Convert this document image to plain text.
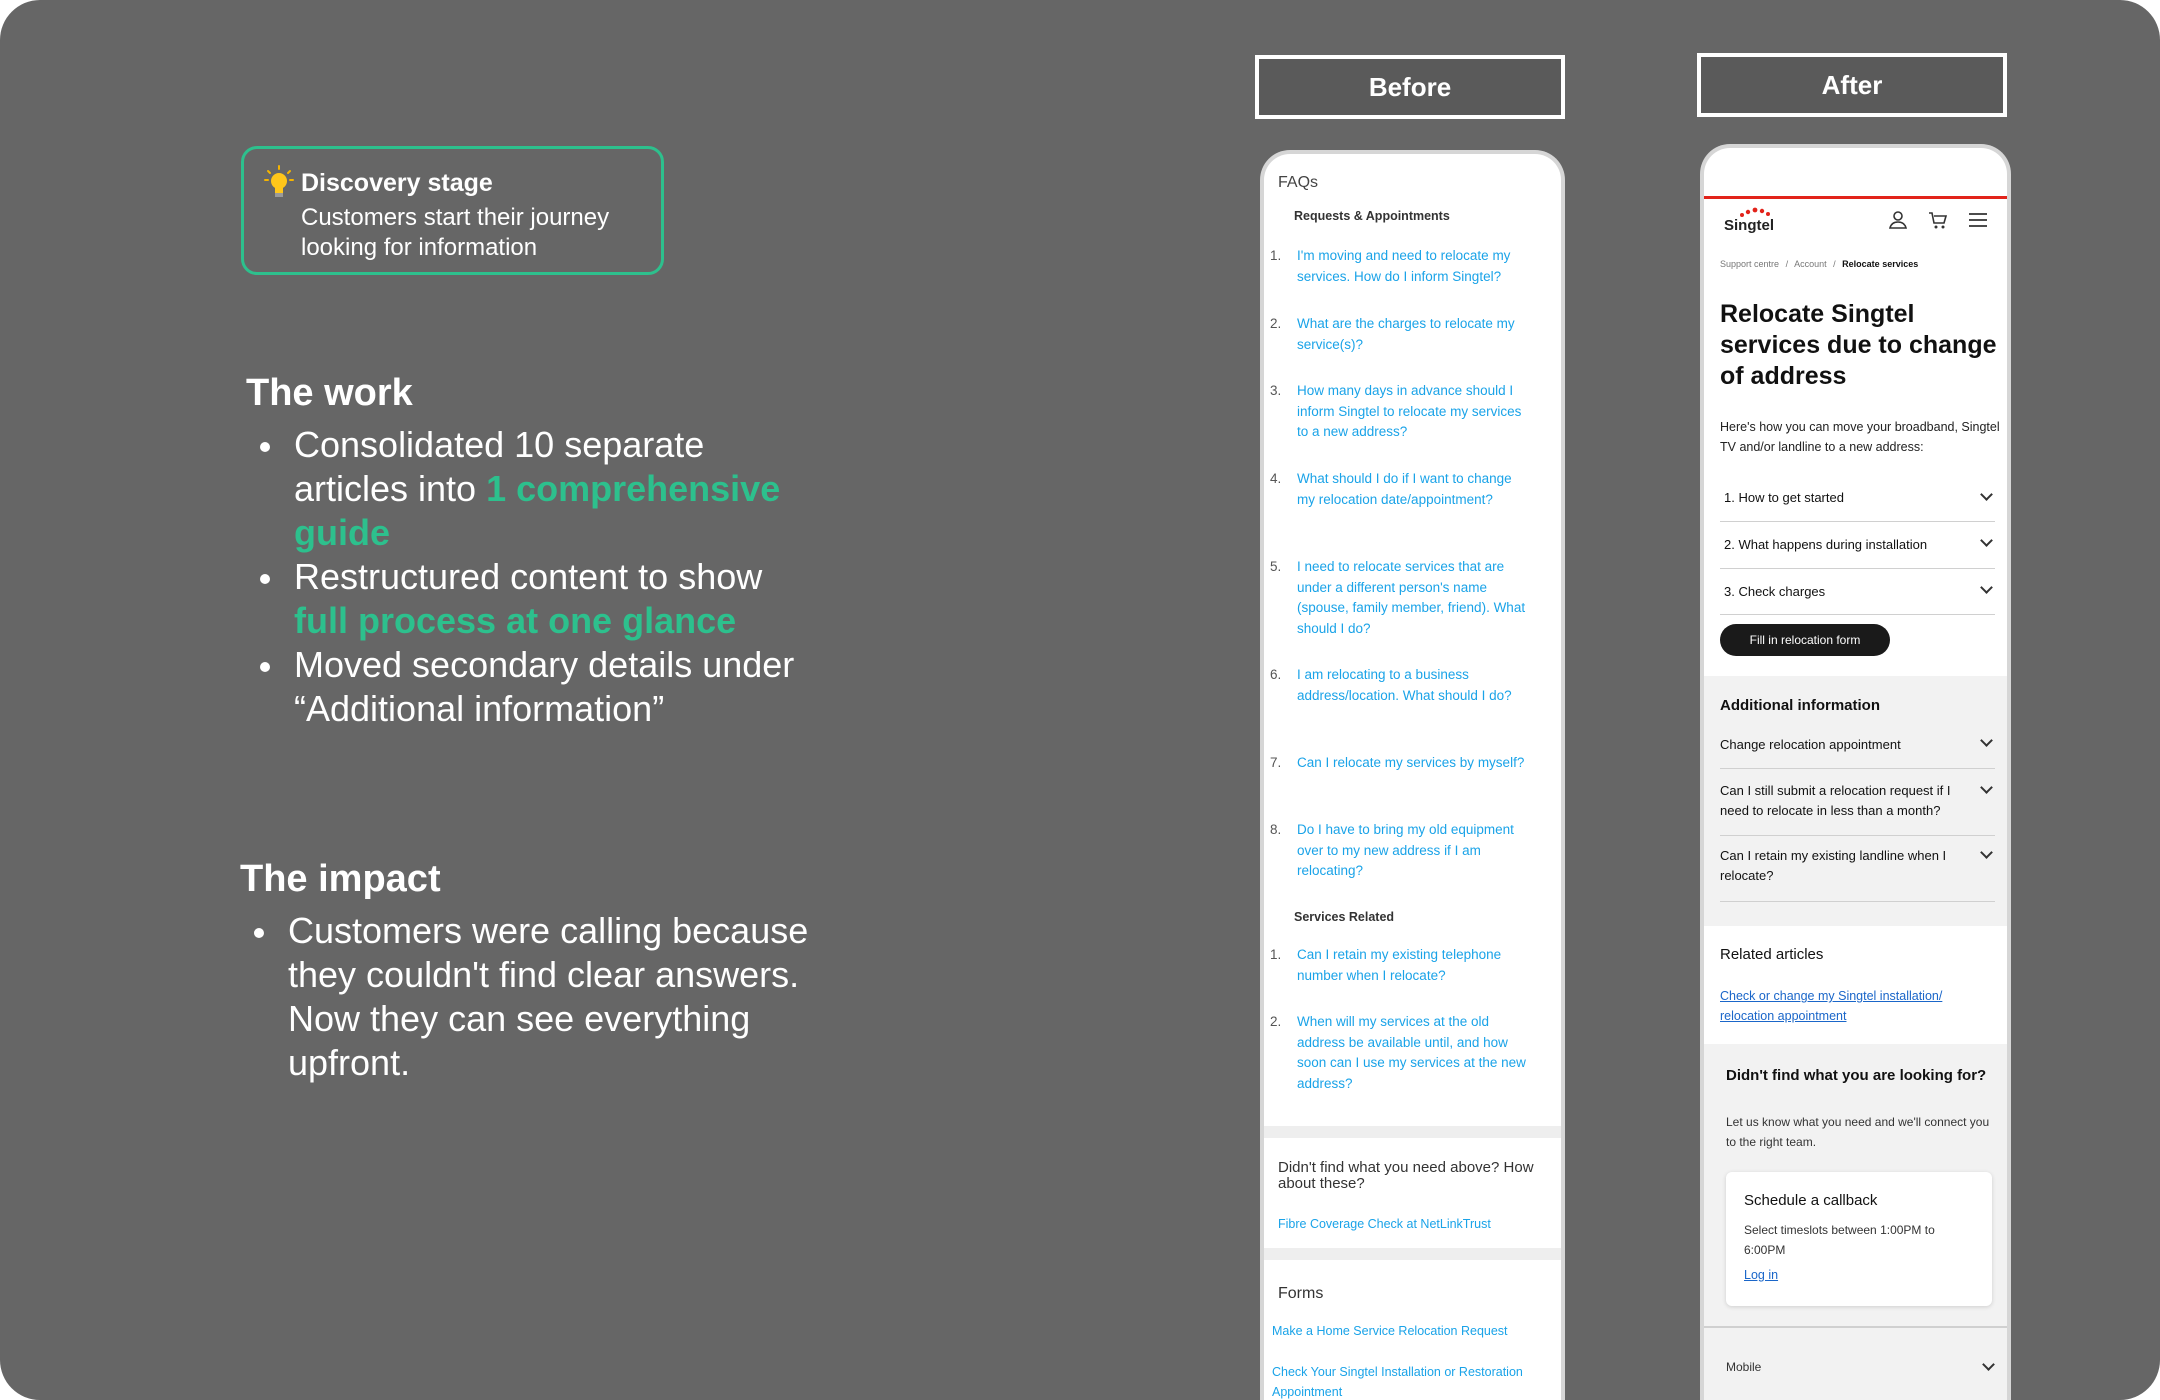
Discovery stage
Customers start their journey looking for information
The work
Consolidated 10 separate articles into 1 comprehensive guide
Restructured content to show full process at one glance
Moved secondary details under “Additional information”
The impact
Customers were calling because they couldn't find clear answers. Now they can see everything upfront.
Before	After
FAQs
Requests & Appointments
1. I'm moving and need to relocate my services. How do I inform Singtel?
2. What are the charges to relocate my service(s)?
3. How many days in advance should I inform Singtel to relocate my services to a new address?
4. What should I do if I want to change my relocation date/appointment?
5. I need to relocate services that are under a different person's name (spouse, family member, friend). What should I do?
6. I am relocating to a business address/location. What should I do?
7. Can I relocate my services by myself?
8. Do I have to bring my old equipment over to my new address if I am relocating?
Services Related
1. Can I retain my existing telephone number when I relocate?
2. When will my services at the old address be available until, and how soon can I use my services at the new address?
Didn't find what you need above? How about these?
Fibre Coverage Check at NetLinkTrust
Forms
Make a Home Service Relocation Request
Check Your Singtel Installation or Restoration Appointment
Singtel
Support centre / Account / Relocate services
Relocate Singtel services due to change of address
Here's how you can move your broadband, Singtel TV and/or landline to a new address:
1. How to get started
2. What happens during installation
3. Check charges
Fill in relocation form
Additional information
Change relocation appointment
Can I still submit a relocation request if I need to relocate in less than a month?
Can I retain my existing landline when I relocate?
Related articles
Check or change my Singtel installation/ relocation appointment
Didn't find what you are looking for?
Let us know what you need and we'll connect you to the right team.
Schedule a callback
Select timeslots between 1:00PM to 6:00PM
Log in
Mobile
